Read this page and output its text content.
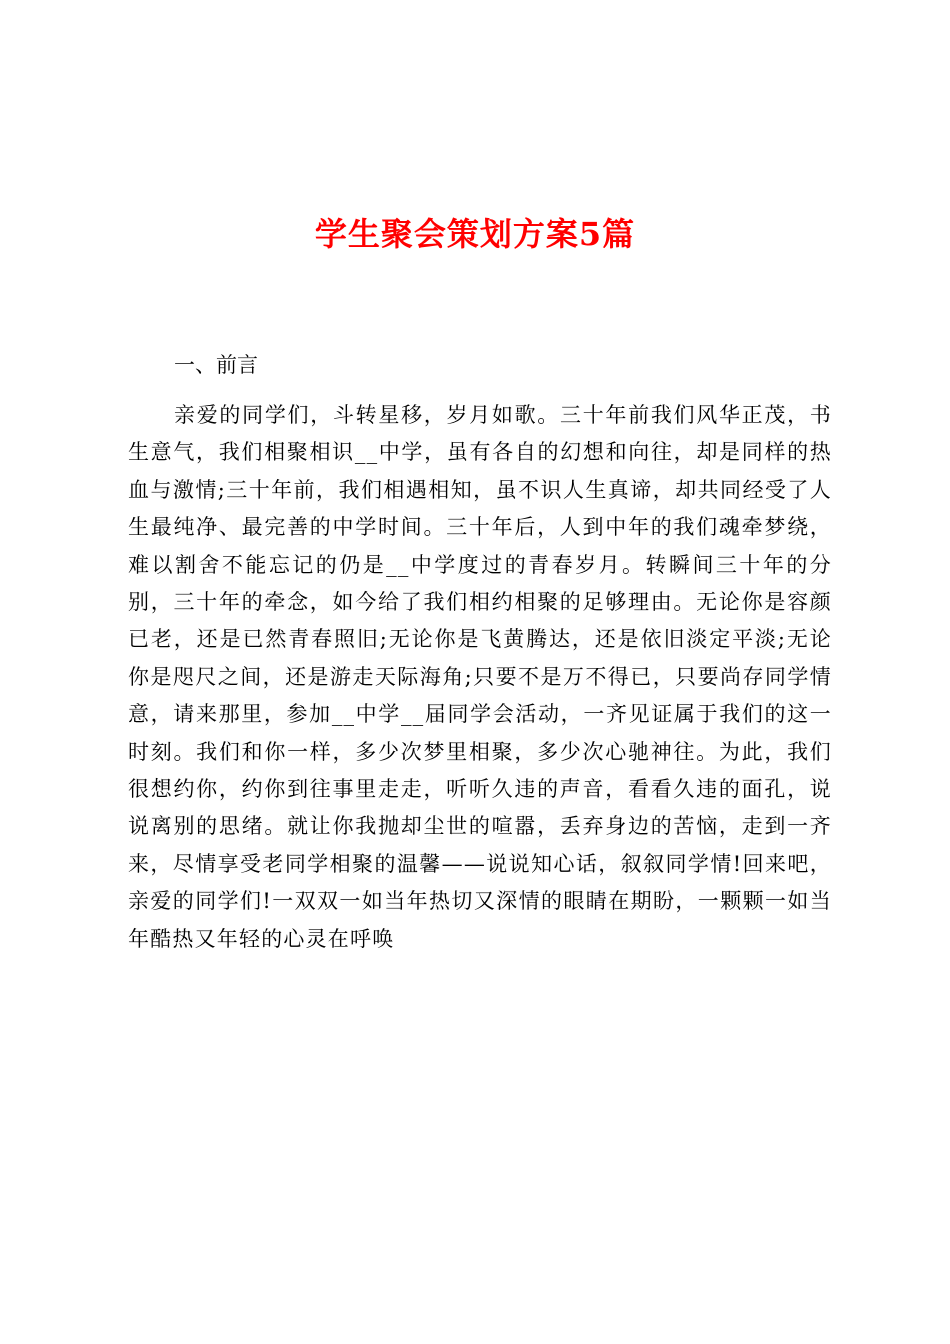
学生聚会策划方案5篇
一、前言

亲爱的同学们，斗转星移，岁月如歌。三十年前我们风华正茂，书生意气，我们相聚相识__中学，虽有各自的幻想和向往，却是同样的热血与激情;三十年前，我们相遇相知，虽不识人生真谛，却共同经受了人生最纯净、最完善的中学时间。三十年后，人到中年的我们魂牵梦绕，难以割舍不能忘记的仍是__中学度过的青春岁月。转瞬间三十年的分别，三十年的牵念，如今给了我们相约相聚的足够理由。无论你是容颜已老，还是已然青春照旧;无论你是飞黄腾达，还是依旧淡定平淡;无论你是咫尺之间，还是游走天际海角;只要不是万不得已，只要尚存同学情意，请来那里，参加__中学__届同学会活动，一齐见证属于我们的这一时刻。我们和你一样，多少次梦里相聚，多少次心驰神往。为此，我们很想约你，约你到往事里走走，听听久违的声音，看看久违的面孔，说说离别的思绪。就让你我抛却尘世的喧嚣，丢弃身边的苦恼，走到一齐来，尽情享受老同学相聚的温馨——说说知心话，叙叙同学情!回来吧，亲爱的同学们!一双双一如当年热切又深情的眼睛在期盼，一颗颗一如当年酷热又年轻的心灵在呼唤
